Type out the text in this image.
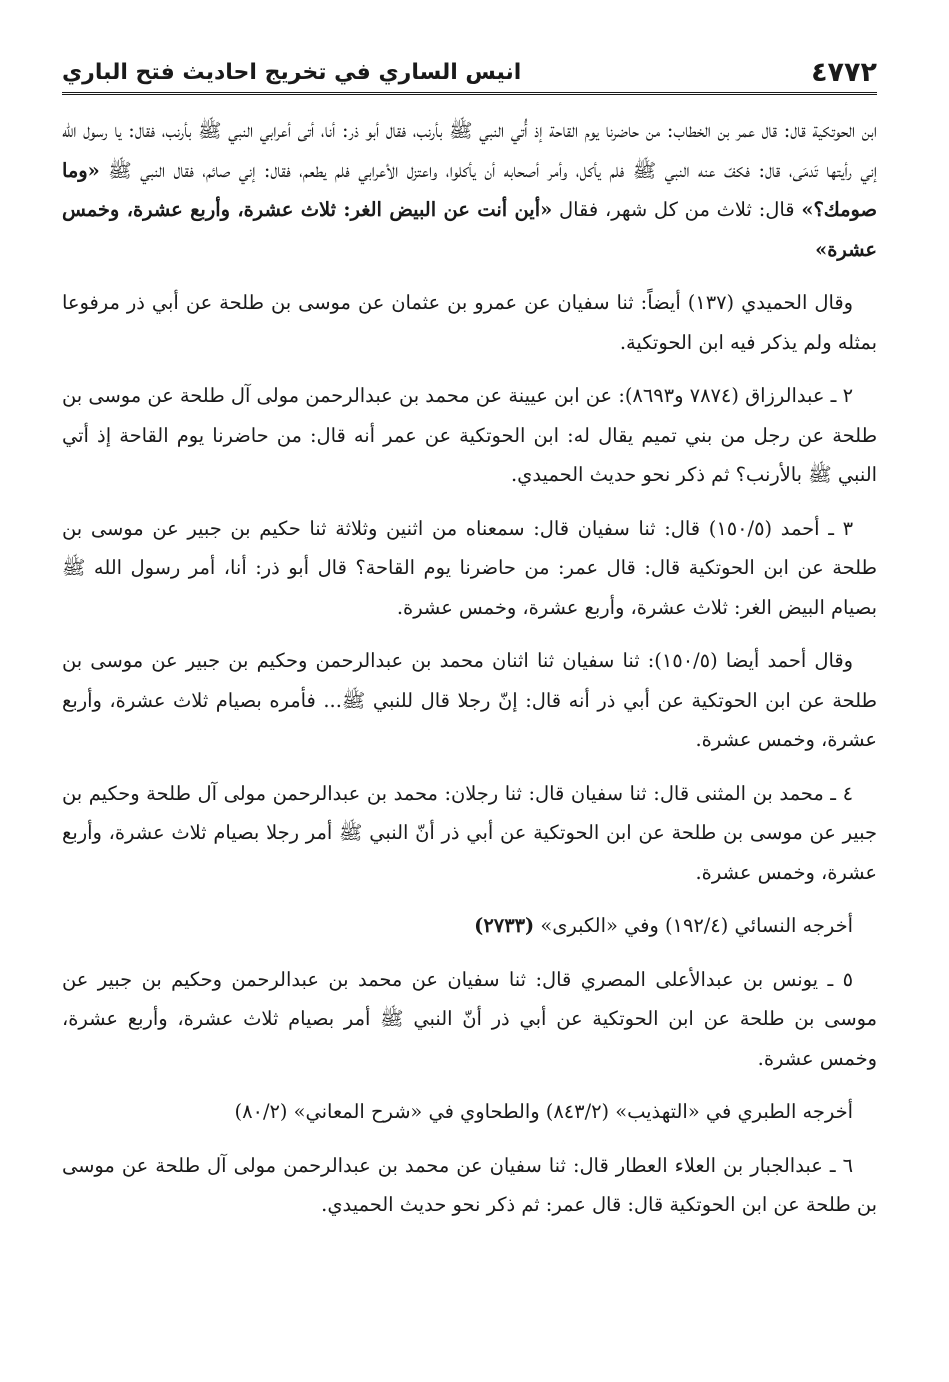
٤٧٧٢
انيس الساري في تخريج احاديث فتح الباري

ابن الحوتكية قال: قال عمر بن الخطاب: من حاضرنا يوم القاحة إذ أُتي النبي ﷺ بأرنب، فقال أبو ذر: أنا، أتى أعرابي النبي ﷺ بأرنب، فقال: يا رسول الله إني رأيتها تَدمَى، قال: فكفّ عنه النبي ﷺ فلم يأكل، وأمر أصحابه أن يأكلوا، واعتزل الأعرابي فلم يطعم، فقال: إني صائم، فقال النبي ﷺ «وما صومك؟» قال: ثلاث من كل شهر، فقال «أين أنت عن البيض الغر: ثلاث عشرة، وأربع عشرة، وخمس عشرة»

وقال الحميدي (١٣٧) أيضاً: ثنا سفيان عن عمرو بن عثمان عن موسى بن طلحة عن أبي ذر مرفوعا بمثله ولم يذكر فيه ابن الحوتكية.

٢ ـ عبدالرزاق (٧٨٧٤ و٨٦٩٣): عن ابن عيينة عن محمد بن عبدالرحمن مولى آل طلحة عن موسى بن طلحة عن رجل من بني تميم يقال له: ابن الحوتكية عن عمر أنه قال: من حاضرنا يوم القاحة إذ أتي النبي ﷺ بالأرنب؟ ثم ذكر نحو حديث الحميدي.

٣ ـ أحمد (١٥٠/٥) قال: ثنا سفيان قال: سمعناه من اثنين وثلاثة ثنا حكيم بن جبير عن موسى بن طلحة عن ابن الحوتكية قال: قال عمر: من حاضرنا يوم القاحة؟ قال أبو ذر: أنا، أمر رسول الله ﷺ بصيام البيض الغر: ثلاث عشرة، وأربع عشرة، وخمس عشرة.

وقال أحمد أيضا (١٥٠/٥): ثنا سفيان ثنا اثنان محمد بن عبدالرحمن وحكيم بن جبير عن موسى بن طلحة عن ابن الحوتكية عن أبي ذر أنه قال: إنّ رجلا قال للنبي ﷺ... فأمره بصيام ثلاث عشرة، وأربع عشرة، وخمس عشرة.

٤ ـ محمد بن المثنى قال: ثنا سفيان قال: ثنا رجلان: محمد بن عبدالرحمن مولى آل طلحة وحكيم بن جبير عن موسى بن طلحة عن ابن الحوتكية عن أبي ذر أنّ النبي ﷺ أمر رجلا بصيام ثلاث عشرة، وأربع عشرة، وخمس عشرة.

أخرجه النسائي (١٩٢/٤) وفي «الكبرى» (٢٧٣٣)

٥ ـ يونس بن عبدالأعلى المصري قال: ثنا سفيان عن محمد بن عبدالرحمن وحكيم بن جبير عن موسى بن طلحة عن ابن الحوتكية عن أبي ذر أنّ النبي ﷺ أمر بصيام ثلاث عشرة، وأربع عشرة، وخمس عشرة.

أخرجه الطبري في «التهذيب» (٨٤٣/٢) والطحاوي في «شرح المعاني» (٨٠/٢)

٦ ـ عبدالجبار بن العلاء العطار قال: ثنا سفيان عن محمد بن عبدالرحمن مولى آل طلحة عن موسى بن طلحة عن ابن الحوتكية قال: قال عمر: ثم ذكر نحو حديث الحميدي.
